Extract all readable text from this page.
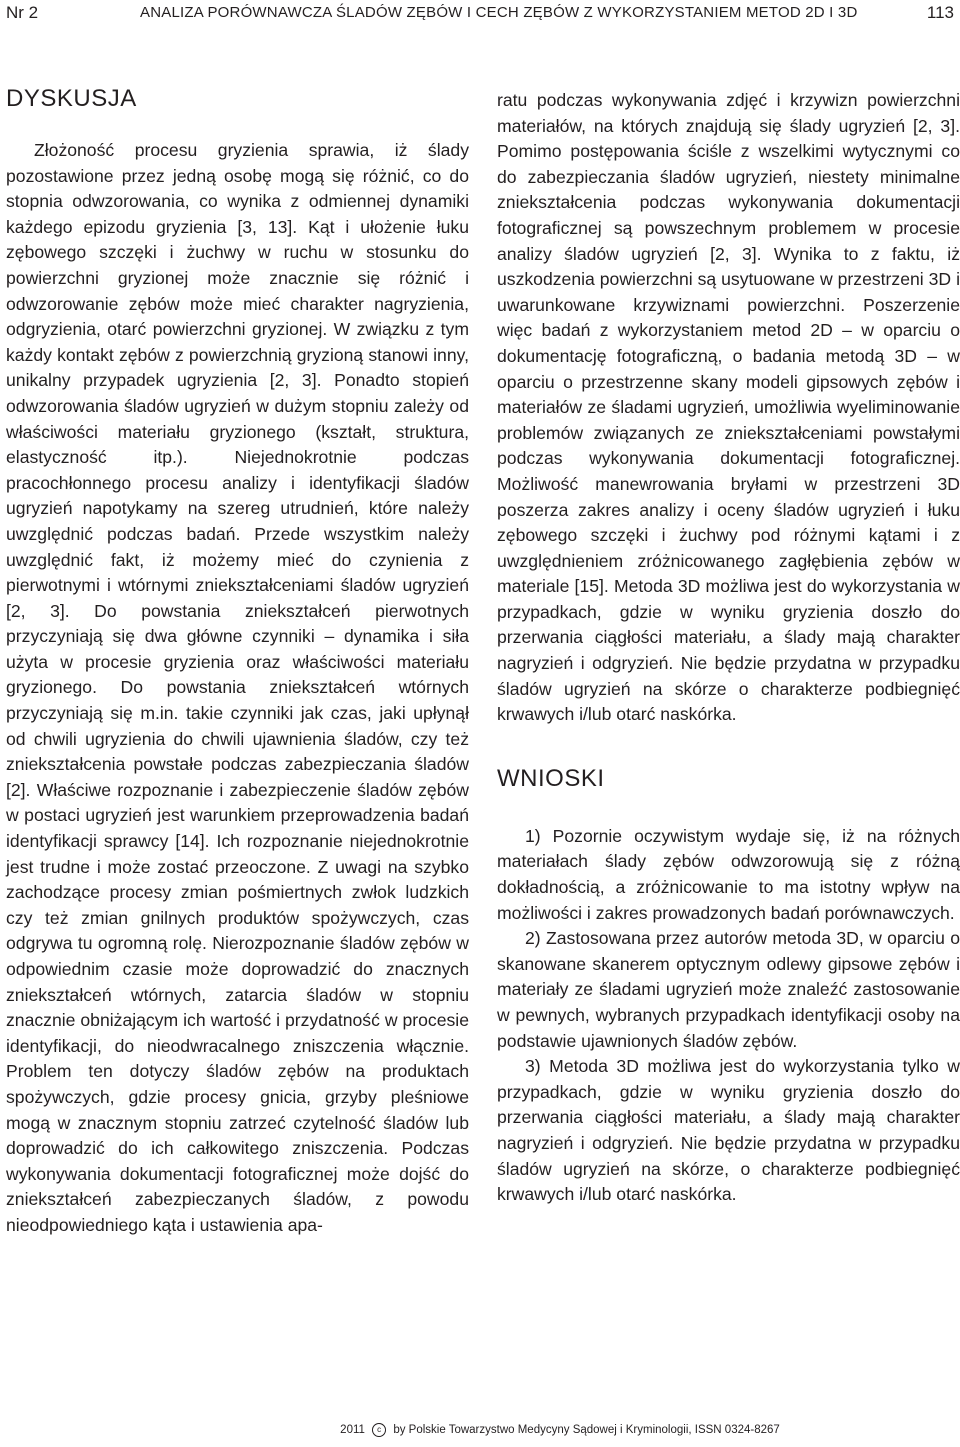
Nr 2	ANALIZA PORÓWNAWCZA ŚLADÓW ZĘBÓW I CECH ZĘBÓW Z WYKORZYSTANIEM METOD 2D I 3D	113
DYSKUSJA

Złożoność procesu gryzienia sprawia, iż ślady pozostawione przez jedną osobę mogą się różnić, co do stopnia odwzorowania, co wynika z odmiennej dynamiki każdego epizodu gryzienia [3, 13]. Kąt i ułożenie łuku zębowego szczęki i żuchwy w ruchu w stosunku do powierzchni gryzionej może znacznie się różnić i odwzorowanie zębów może mieć charakter nagryzienia, odgryzienia, otarć powierzchni gryzionej. W związku z tym każdy kontakt zębów z powierzchnią gryzioną stanowi inny, unikalny przypadek ugryzienia [2, 3]. Ponadto stopień odwzorowania śladów ugryzień w dużym stopniu zależy od właściwości materiału gryzionego (kształt, struktura, elastyczność itp.). Niejednokrotnie podczas pracochłonnego procesu analizy i identyfikacji śladów ugryzień napotykamy na szereg utrudnień, które należy uwzględnić podczas badań. Przede wszystkim należy uwzględnić fakt, iż możemy mieć do czynienia z pierwotnymi i wtórnymi zniekształceniami śladów ugryzień [2, 3]. Do powstania zniekształceń pierwotnych przyczyniają się dwa główne czynniki – dynamika i siła użyta w procesie gryzienia oraz właściwości materiału gryzionego. Do powstania zniekształceń wtórnych przyczyniają się m.in. takie czynniki jak czas, jaki upłynął od chwili ugryzienia do chwili ujawnienia śladów, czy też zniekształcenia powstałe podczas zabezpieczania śladów [2]. Właściwe rozpoznanie i zabezpieczenie śladów zębów w postaci ugryzień jest warunkiem przeprowadzenia badań identyfikacji sprawcy [14]. Ich rozpoznanie niejednokrotnie jest trudne i może zostać przeoczone. Z uwagi na szybko zachodzące procesy zmian pośmiertnych zwłok ludzkich czy też zmian gnilnych produktów spożywczych, czas odgrywa tu ogromną rolę. Nierozpoznanie śladów zębów w odpowiednim czasie może doprowadzić do znacznych zniekształceń wtórnych, zatarcia śladów w stopniu znacznie obniżającym ich wartość i przydatność w procesie identyfikacji, do nieodwracalnego zniszczenia włącznie. Problem ten dotyczy śladów zębów na produktach spożywczych, gdzie procesy gnicia, grzyby pleśniowe mogą w znacznym stopniu zatrzeć czytelność śladów lub doprowadzić do ich całkowitego zniszczenia. Podczas wykonywania dokumentacji fotograficznej może dojść do zniekształceń zabezpieczanych śladów, z powodu nieodpowiedniego kąta i ustawienia apa-

ratu podczas wykonywania zdjęć i krzywizn powierzchni materiałów, na których znajdują się ślady ugryzień [2, 3]. Pomimo postępowania ściśle z wszelkimi wytycznymi co do zabezpieczania śladów ugryzień, niestety minimalne zniekształcenia podczas wykonywania dokumentacji fotograficznej są powszechnym problemem w procesie analizy śladów ugryzień [2, 3]. Wynika to z faktu, iż uszkodzenia powierzchni są usytuowane w przestrzeni 3D i uwarunkowane krzywiznami powierzchni. Poszerzenie więc badań z wykorzystaniem metod 2D – w oparciu o dokumentację fotograficzną, o badania metodą 3D – w oparciu o przestrzenne skany modeli gipsowych zębów i materiałów ze śladami ugryzień, umożliwia wyeliminowanie problemów związanych ze zniekształceniami powstałymi podczas wykonywania dokumentacji fotograficznej. Możliwość manewrowania bryłami w przestrzeni 3D poszerza zakres analizy i oceny śladów ugryzień i łuku zębowego szczęki i żuchwy pod różnymi kątami i z uwzględnieniem zróżnicowanego zagłębienia zębów w materiale [15]. Metoda 3D możliwa jest do wykorzystania w przypadkach, gdzie w wyniku gryzienia doszło do przerwania ciągłości materiału, a ślady mają charakter nagryzień i odgryzień. Nie będzie przydatna w przypadku śladów ugryzień na skórze o charakterze podbiegnięć krwawych i/lub otarć naskórka.

WNIOSKI

1) Pozornie oczywistym wydaje się, iż na różnych materiałach ślady zębów odwzorowują się z różną dokładnością, a zróżnicowanie to ma istotny wpływ na możliwości i zakres prowadzonych badań porównawczych.

2) Zastosowana przez autorów metoda 3D, w oparciu o skanowane skanerem optycznym odlewy gipsowe zębów i materiały ze śladami ugryzień może znaleźć zastosowanie w pewnych, wybranych przypadkach identyfikacji osoby na podstawie ujawnionych śladów zębów.

3) Metoda 3D możliwa jest do wykorzystania tylko w przypadkach, gdzie w wyniku gryzienia doszło do przerwania ciągłości materiału, a ślady mają charakter nagryzień i odgryzień. Nie będzie przydatna w przypadku śladów ugryzień na skórze, o charakterze podbiegnięć krwawych i/lub otarć naskórka.

2011 c by Polskie Towarzystwo Medycyny Sądowej i Kryminologii, ISSN 0324-8267
